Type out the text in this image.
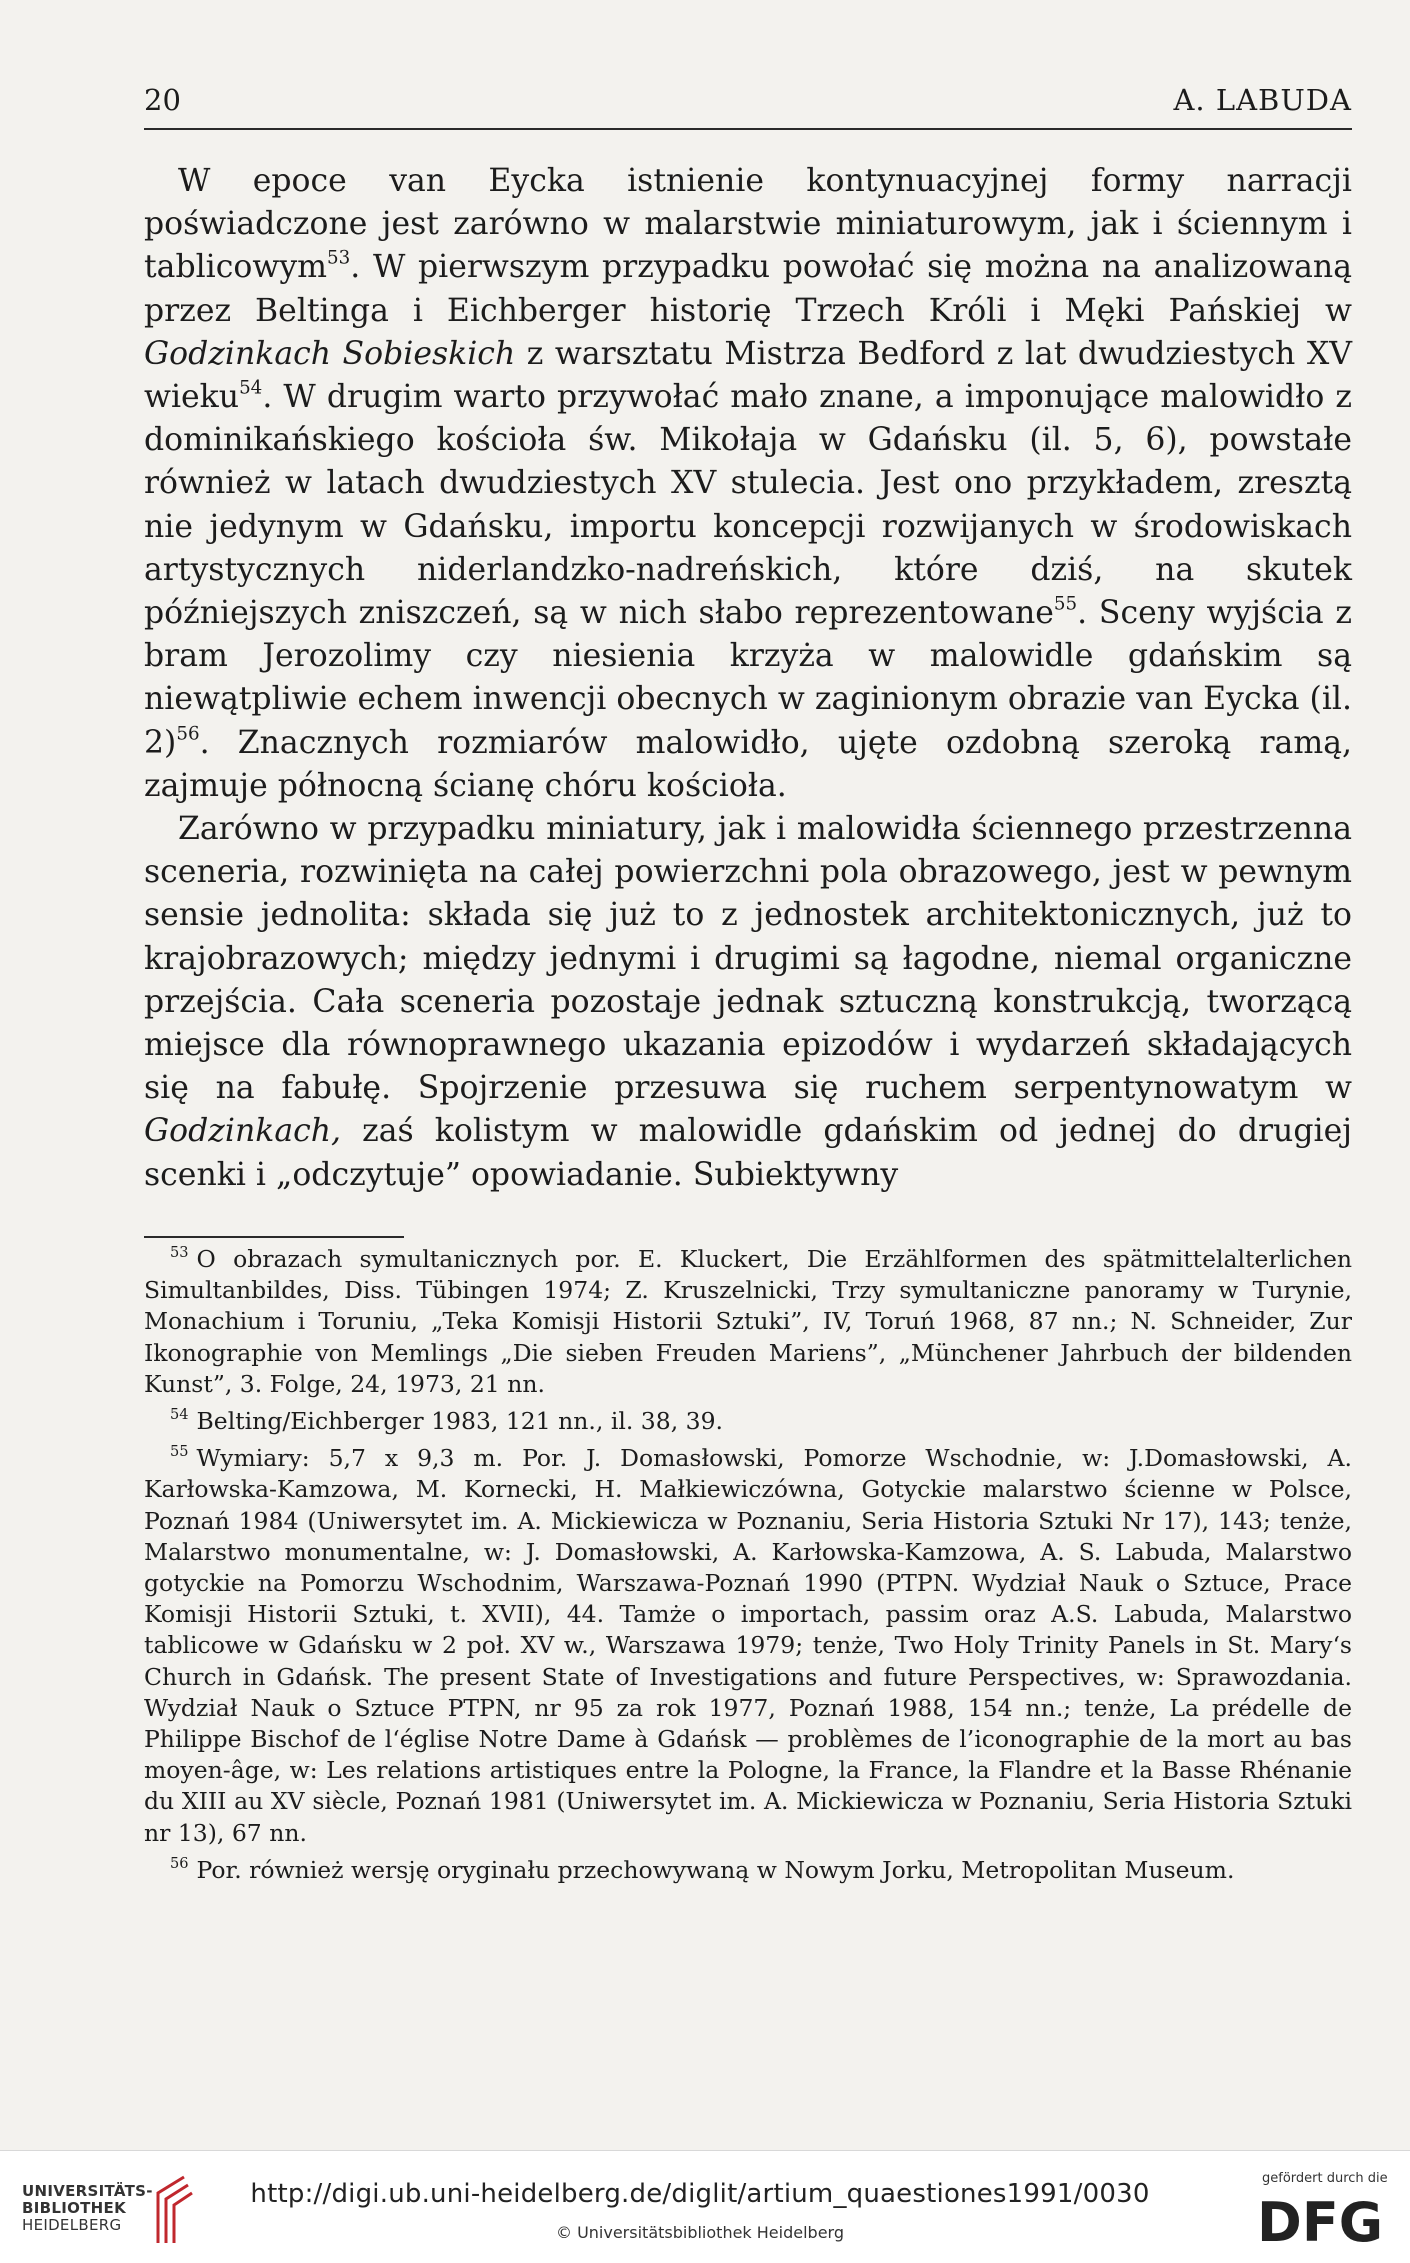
20	A. LABUDA

W epoce van Eycka istnienie kontynuacyjnej formy narracji poświadczone jest zarówno w malarstwie miniaturowym, jak i ściennym i tablicowym$^{53}$. W pierwszym przypadku powołać się można na analizowaną przez Beltinga i Eichberger historię Trzech Króli i Męki Pańskiej w Godzinkach Sobieskich z warsztatu Mistrza Bedford z lat dwudziestych XV wieku$^{54}$. W drugim warto przywołać mało znane, a imponujące malowidło z dominikańskiego kościoła św. Mikołaja w Gdańsku (il. 5, 6), powstałe również w latach dwudziestych XV stulecia. Jest ono przykładem, zresztą nie jedynym w Gdańsku, importu koncepcji rozwijanych w środowiskach artystycznych niderlandzko-nadreńskich, które dziś, na skutek późniejszych zniszczeń, są w nich słabo reprezentowane$^{55}$. Sceny wyjścia z bram Jerozolimy czy niesienia krzyża w malowidle gdańskim są niewątpliwie echem inwencji obecnych w zaginionym obrazie van Eycka (il. 2)$^{56}$. Znacznych rozmiarów malowidło, ujęte ozdobną szeroką ramą, zajmuje północną ścianę chóru kościoła.

Zarówno w przypadku miniatury, jak i malowidła ściennego przestrzenna sceneria, rozwinięta na całej powierzchni pola obrazowego, jest w pewnym sensie jednolita: składa się już to z jednostek architektonicznych, już to krajobrazowych; między jednymi i drugimi są łagodne, niemal organiczne przejścia. Cała sceneria pozostaje jednak sztuczną konstrukcją, tworzącą miejsce dla równoprawnego ukazania epizodów i wydarzeń składających się na fabułę. Spojrzenie przesuwa się ruchem serpentynowatym w Godzinkach, zaś kolistym w malowidle gdańskim od jednej do drugiej scenki i „odczytuje” opowiadanie. Subiektywny

$^{53}$ O obrazach symultanicznych por. E. Kluckert, Die Erzählformen des spätmittelalterlichen Simultanbildes, Diss. Tübingen 1974; Z. Kruszelnicki, Trzy symultaniczne panoramy w Turynie, Monachium i Toruniu, „Teka Komisji Historii Sztuki”, IV, Toruń 1968, 87 nn.; N. Schneider, Zur Ikonographie von Memlings „Die sieben Freuden Mariens”, „Münchener Jahrbuch der bildenden Kunst”, 3. Folge, 24, 1973, 21 nn.

$^{54}$ Belting/Eichberger 1983, 121 nn., il. 38, 39.

$^{55}$ Wymiary: 5,7 x 9,3 m. Por. J. Domasłowski, Pomorze Wschodnie, w: J.Domasłowski, A. Karłowska-Kamzowa, M. Kornecki, H. Małkiewiczówna, Gotyckie malarstwo ścienne w Polsce, Poznań 1984 (Uniwersytet im. A. Mickiewicza w Poznaniu, Seria Historia Sztuki Nr 17), 143; tenże, Malarstwo monumentalne, w: J. Domasłowski, A. Karłowska-Kamzowa, A. S. Labuda, Malarstwo gotyckie na Pomorzu Wschodnim, Warszawa-Poznań 1990 (PTPN. Wydział Nauk o Sztuce, Prace Komisji Historii Sztuki, t. XVII), 44. Tamże o importach, passim oraz A.S. Labuda, Malarstwo tablicowe w Gdańsku w 2 poł. XV w., Warszawa 1979; tenże, Two Holy Trinity Panels in St. Mary‘s Church in Gdańsk. The present State of Investigations and future Perspectives, w: Sprawozdania. Wydział Nauk o Sztuce PTPN, nr 95 za rok 1977, Poznań 1988, 154 nn.; tenże, La prédelle de Philippe Bischof de l‘église Notre Dame à Gdańsk — problèmes de l’iconographie de la mort au bas moyen-âge, w: Les relations artistiques entre la Pologne, la France, la Flandre et la Basse Rhénanie du XIII au XV siècle, Poznań 1981 (Uniwersytet im. A. Mickiewicza w Poznaniu, Seria Historia Sztuki nr 13), 67 nn.

$^{56}$ Por. również wersję oryginału przechowywaną w Nowym Jorku, Metropolitan Museum.

UNIVERSITÄTS-
BIBLIOTHEK
HEIDELBERG
http://digi.ub.uni-heidelberg.de/diglit/artium_quaestiones1991/0030
© Universitätsbibliothek Heidelberg
gefördert durch die
DFG
